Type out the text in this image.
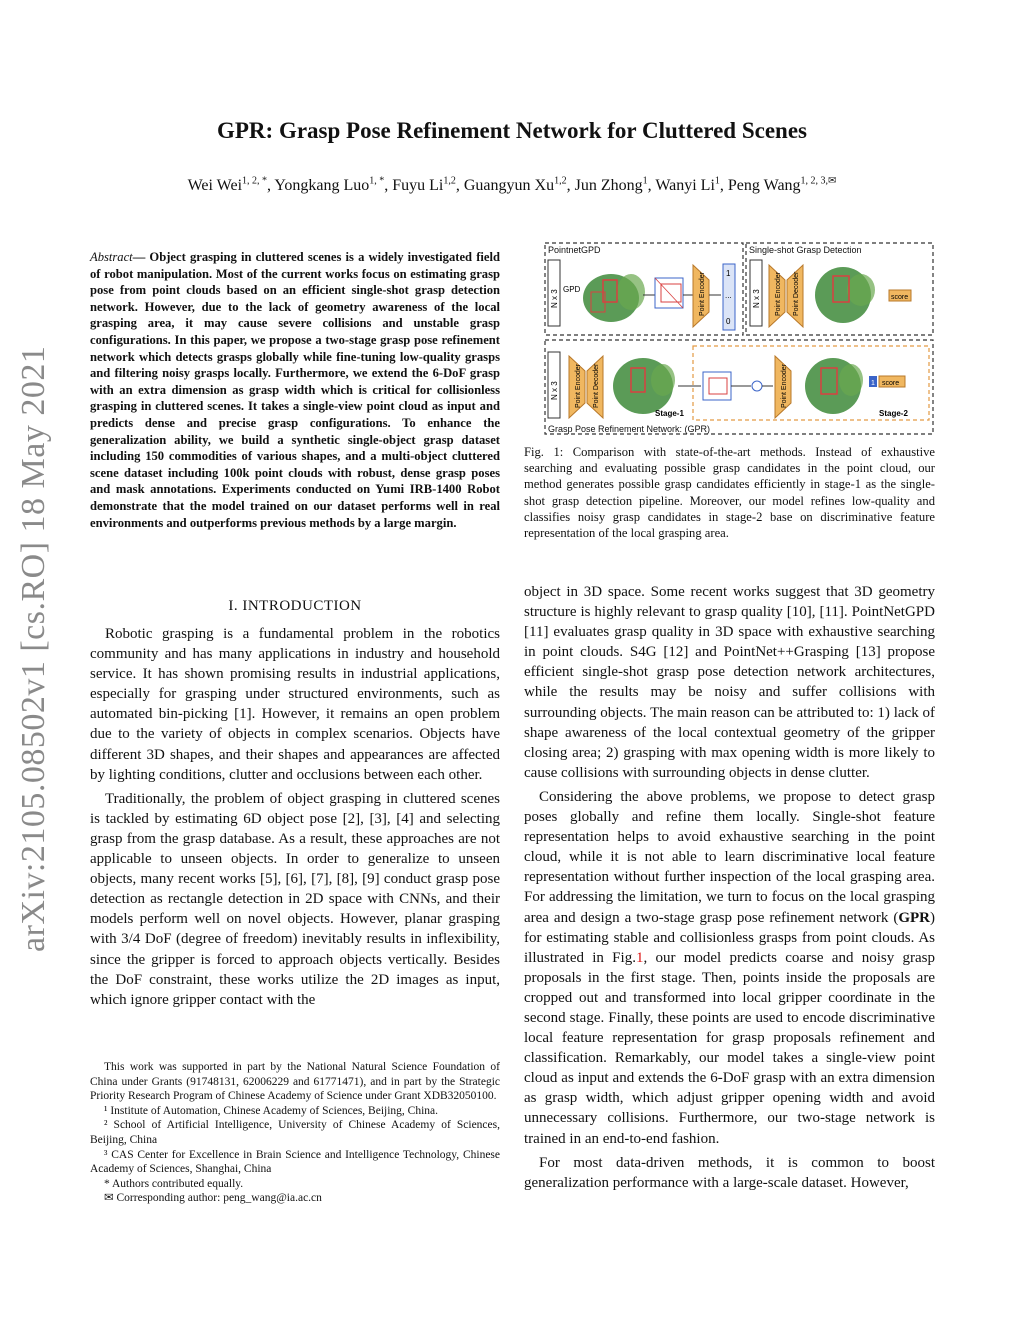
arXiv:2105.08502v1 [cs.RO] 18 May 2021
GPR: Grasp Pose Refinement Network for Cluttered Scenes
Wei Wei$^{1, 2, *}$, Yongkang Luo$^{1, *}$, Fuyu Li$^{1,2}$, Guangyun Xu$^{1,2}$, Jun Zhong$^1$, Wanyi Li$^1$, Peng Wang$^{1, 2, 3,✉}$
Abstract— Object grasping in cluttered scenes is a widely investigated field of robot manipulation. Most of the current works focus on estimating grasp pose from point clouds based on an efficient single-shot grasp detection network. However, due to the lack of geometry awareness of the local grasping area, it may cause severe collisions and unstable grasp configurations. In this paper, we propose a two-stage grasp pose refinement network which detects grasps globally while fine-tuning low-quality grasps and filtering noisy grasps locally. Furthermore, we extend the 6-DoF grasp with an extra dimension as grasp width which is critical for collisionless grasping in cluttered scenes. It takes a single-view point cloud as input and predicts dense and precise grasp configurations. To enhance the generalization ability, we build a synthetic single-object grasp dataset including 150 commodities of various shapes, and a multi-object cluttered scene dataset including 100k point clouds with robust, dense grasp poses and mask annotations. Experiments conducted on Yumi IRB-1400 Robot demonstrate that the model trained on our dataset performs well in real environments and outperforms previous methods by a large margin.
I. INTRODUCTION

Robotic grasping is a fundamental problem in the robotics community and has many applications in industry and household service. It has shown promising results in industrial applications, especially for grasping under structured environments, such as automated bin-picking [1]. However, it remains an open problem due to the variety of objects in complex scenarios. Objects have different 3D shapes, and their shapes and appearances are affected by lighting conditions, clutter and occlusions between each other.

Traditionally, the problem of object grasping in cluttered scenes is tackled by estimating 6D object pose [2], [3], [4] and selecting grasp from the grasp database. As a result, these approaches are not applicable to unseen objects. In order to generalize to unseen objects, many recent works [5], [6], [7], [8], [9] conduct grasp pose detection as rectangle detection in 2D space with CNNs, and their models perform well on novel objects. However, planar grasping with 3/4 DoF (degree of freedom) inevitably results in inflexibility, since the gripper is forced to approach objects vertically. Besides the DoF constraint, these works utilize the 2D images as input, which ignore gripper contact with the

This work was supported in part by the National Natural Science Foundation of China under Grants (91748131, 62006229 and 61771471), and in part by the Strategic Priority Research Program of Chinese Academy of Science under Grant XDB32050100.

¹ Institute of Automation, Chinese Academy of Sciences, Beijing, China.

² School of Artificial Intelligence, University of Chinese Academy of Sciences, Beijing, China

³ CAS Center for Excellence in Brain Science and Intelligence Technology, Chinese Academy of Sciences, Shanghai, China

* Authors contributed equally.

✉ Corresponding author: peng_wang@ia.ac.cn

PointnetGPD	Single-shot Grasp Detection
Grasp Pose Refinement Network: (GPR)
N x 3 GPD	Point Encoder	1
...
0
N x 3 Point Encoder Point Decoder	score
N x 3 Point Encoder Point Decoder
Stage-1
Point Encoder	1 score
Stage-2
Fig. 1: Comparison with state-of-the-art methods. Instead of exhaustive searching and evaluating possible grasp candidates in the point cloud, our method generates possible grasp candidates efficiently in stage-1 as the single-shot grasp detection pipeline. Moreover, our model refines low-quality and classifies noisy grasp candidates in stage-2 base on discriminative feature representation of the local grasping area.

object in 3D space. Some recent works suggest that 3D geometry structure is highly relevant to grasp quality [10], [11]. PointNetGPD [11] evaluates grasp quality in 3D space with exhaustive searching in point clouds. S4G [12] and PointNet++Grasping [13] propose efficient single-shot grasp pose detection network architectures, while the results may be noisy and suffer collisions with surrounding objects. The main reason can be attributed to: 1) lack of shape awareness of the local contextual geometry of the gripper closing area; 2) grasping with max opening width is more likely to cause collisions with surrounding objects in dense clutter.

Considering the above problems, we propose to detect grasp poses globally and refine them locally. Single-shot feature representation helps to avoid exhaustive searching in the point cloud, while it is not able to learn discriminative local feature representation without further inspection of the local grasping area. For addressing the limitation, we turn to focus on the local grasping area and design a two-stage grasp pose refinement network (GPR) for estimating stable and collisionless grasps from point clouds. As illustrated in Fig.1, our model predicts coarse and noisy grasp proposals in the first stage. Then, points inside the proposals are cropped out and transformed into local gripper coordinate in the second stage. Finally, these points are used to encode discriminative local feature representation for grasp proposals refinement and classification. Remarkably, our model takes a single-view point cloud as input and extends the 6-DoF grasp with an extra dimension as grasp width, which adjust gripper opening width and avoid unnecessary collisions. Furthermore, our two-stage network is trained in an end-to-end fashion.

For most data-driven methods, it is common to boost generalization performance with a large-scale dataset. However,
